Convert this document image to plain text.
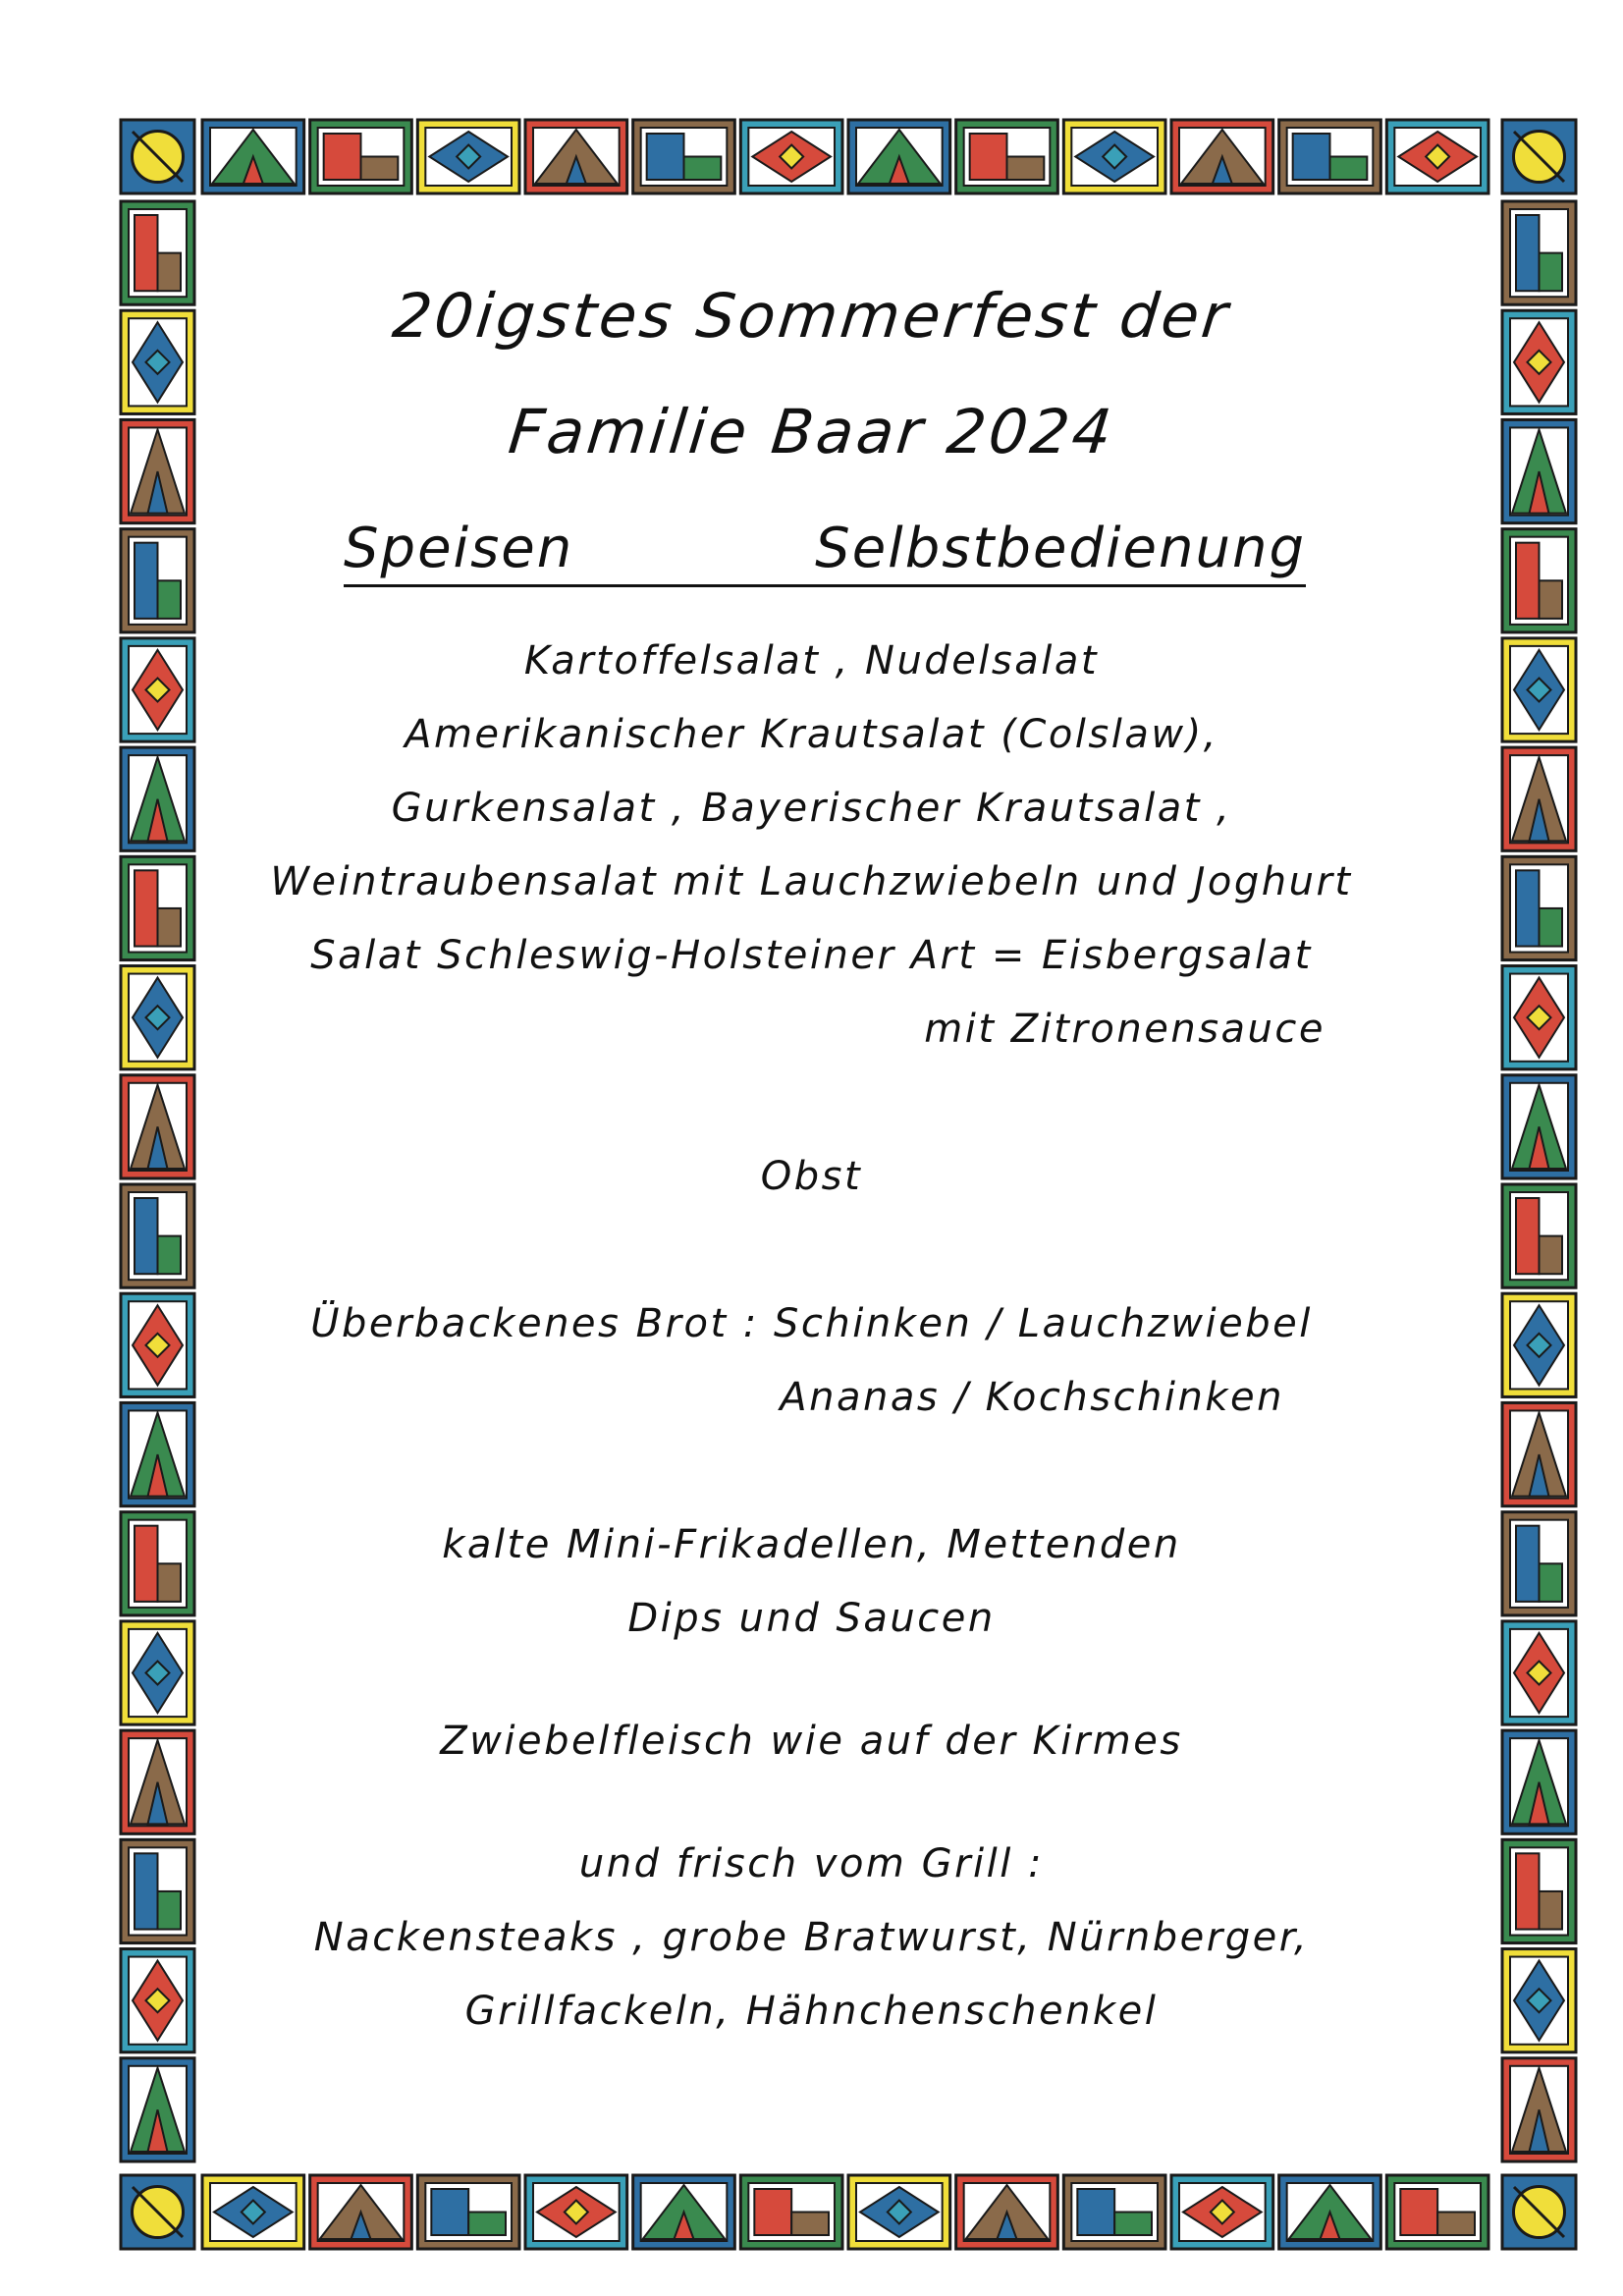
20igstes Sommerfest der
Familie Baar 2024
Speisen	Selbstbedienung
Kartoffelsalat , Nudelsalat
Amerikanischer Krautsalat (Colslaw),
Gurkensalat , Bayerischer Krautsalat ,
Weintraubensalat mit Lauchzwiebeln und Joghurt
Salat Schleswig-Holsteiner Art = Eisbergsalat
mit Zitronensauce
Obst
Überbackenes Brot : Schinken / Lauchzwiebel
Ananas / Kochschinken
kalte Mini-Frikadellen, Mettenden
Dips und Saucen
Zwiebelfleisch wie auf der Kirmes
und frisch vom Grill :
Nackensteaks , grobe Bratwurst, Nürnberger,
Grillfackeln, Hähnchenschenkel
